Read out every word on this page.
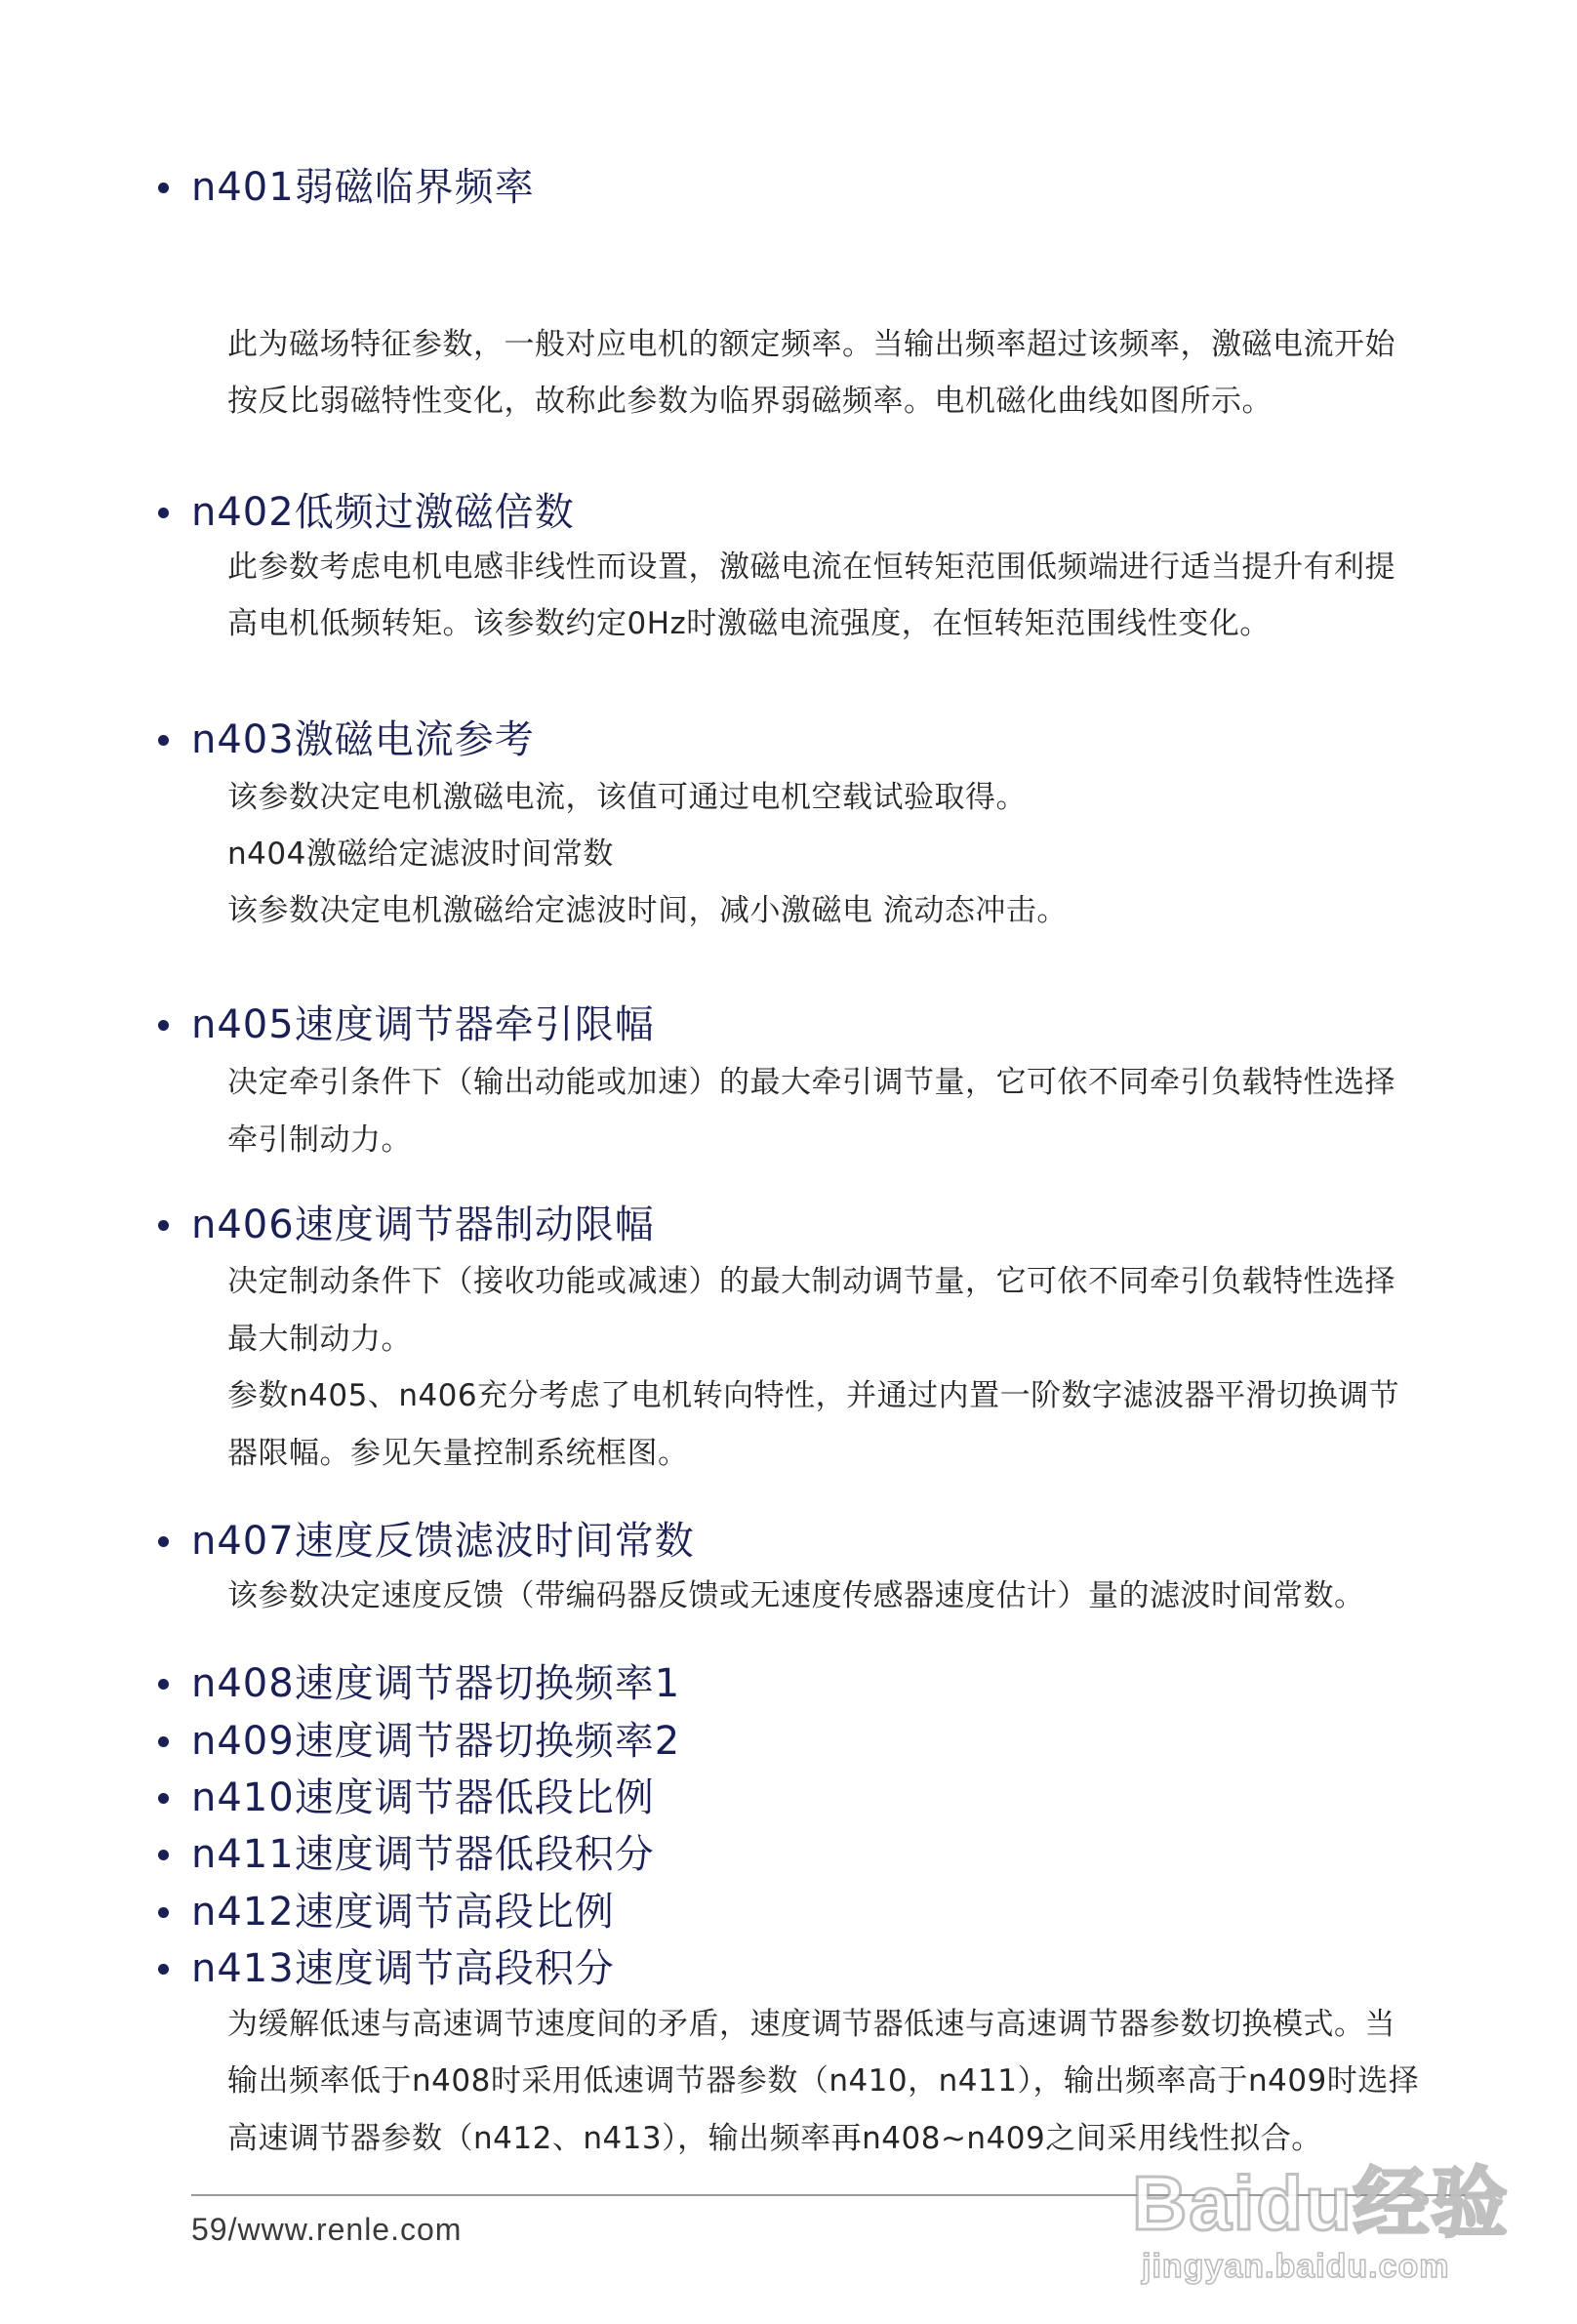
n401弱磁临界频率
此为磁场特征参数，一般对应电机的额定频率。当输出频率超过该频率，激磁电流开始
按反比弱磁特性变化，故称此参数为临界弱磁频率。电机磁化曲线如图所示。
n402低频过激磁倍数
此参数考虑电机电感非线性而设置，激磁电流在恒转矩范围低频端进行适当提升有利提
高电机低频转矩。该参数约定0Hz时激磁电流强度，在恒转矩范围线性变化。
n403激磁电流参考
该参数决定电机激磁电流，该值可通过电机空载试验取得。
n404激磁给定滤波时间常数
该参数决定电机激磁给定滤波时间，减小激磁电 流动态冲击。
n405速度调节器牵引限幅
决定牵引条件下（输出动能或加速）的最大牵引调节量，它可依不同牵引负载特性选择
牵引制动力。
n406速度调节器制动限幅
决定制动条件下（接收功能或减速）的最大制动调节量，它可依不同牵引负载特性选择
最大制动力。
参数n405、n406充分考虑了电机转向特性，并通过内置一阶数字滤波器平滑切换调节
器限幅。参见矢量控制系统框图。
n407速度反馈滤波时间常数
该参数决定速度反馈（带编码器反馈或无速度传感器速度估计）量的滤波时间常数。
n408速度调节器切换频率1
n409速度调节器切换频率2
n410速度调节器低段比例
n411速度调节器低段积分
n412速度调节高段比例
n413速度调节高段积分
为缓解低速与高速调节速度间的矛盾，速度调节器低速与高速调节器参数切换模式。当
输出频率低于n408时采用低速调节器参数（n410，n411），输出频率高于n409时选择
高速调节器参数（n412、n413），输出频率再n408~n409之间采用线性拟合。
59/www.renle.com	Baidu经验
jingyan.baidu.com
